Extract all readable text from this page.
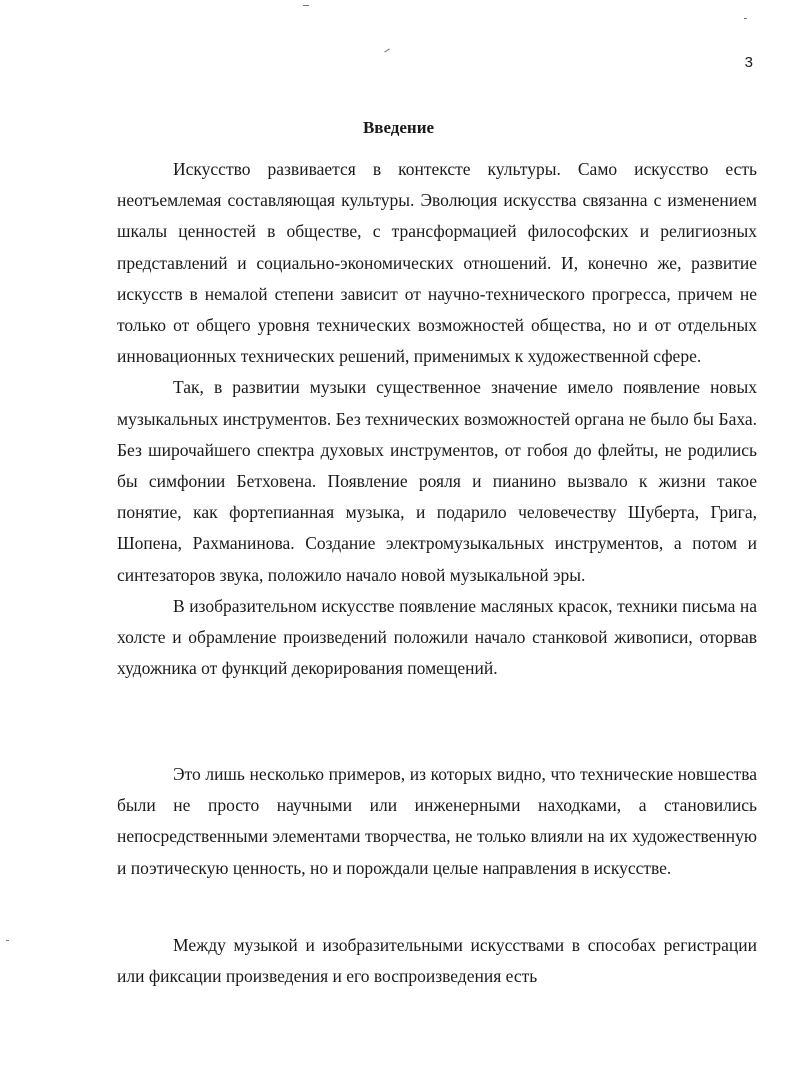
3
Введение

Искусство развивается в контексте культуры. Само искусство есть неотъемлемая составляющая культуры. Эволюция искусства связанна с изменением шкалы ценностей в обществе, с трансформацией философских и религиозных представлений и социально-экономических отношений. И, конечно же, развитие искусств в немалой степени зависит от научно-технического прогресса, причем не только от общего уровня технических возможностей общества, но и от отдельных инновационных технических решений, применимых к художественной сфере.

Так, в развитии музыки существенное значение имело появление новых музыкальных инструментов. Без технических возможностей органа не было бы Баха. Без широчайшего спектра духовых инструментов, от гобоя до флейты, не родились бы симфонии Бетховена. Появление рояля и пианино вызвало к жизни такое понятие, как фортепианная музыка, и подарило человечеству Шуберта, Грига, Шопена, Рахманинова. Создание электромузыкальных инструментов, а потом и синтезаторов звука, положило начало новой музыкальной эры.

В изобразительном искусстве появление масляных красок, техники письма на холсте и обрамление произведений положили начало станковой живописи, оторвав художника от функций декорирования помещений.

Это лишь несколько примеров, из которых видно, что технические новшества были не просто научными или инженерными находками, а становились непосредственными элементами творчества, не только влияли на их художественную и поэтическую ценность, но и порождали целые направления в искусстве.

Между музыкой и изобразительными искусствами в способах регистрации или фиксации произведения и его воспроизведения есть
